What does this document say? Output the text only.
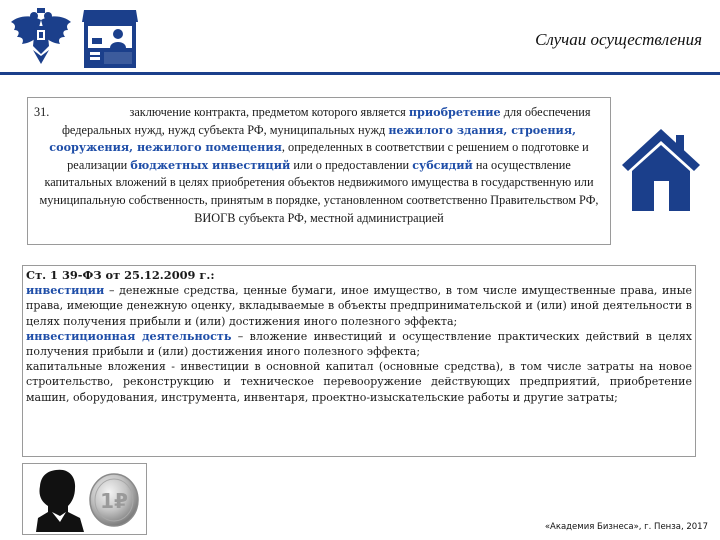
Случаи осуществления
31.	заключение контракта, предметом которого является приобретение для обеспечения федеральных нужд, нужд субъекта РФ, муниципальных нужд нежилого здания, строения, сооружения, нежилого помещения, определенных в соответствии с решением о подготовке и реализации бюджетных инвестиций или о предоставлении субсидий на осуществление капитальных вложений в целях приобретения объектов недвижимого имущества в государственную или муниципальную собственность, принятым в порядке, установленном соответственно Правительством РФ, ВИОГВ субъекта РФ, местной администрацией

Ст. 1 39-ФЗ от 25.12.2009 г.:

инвестиции – денежные средства, ценные бумаги, иное имущество, в том числе имущественные права, иные права, имеющие денежную оценку, вкладываемые в объекты предпринимательской и (или) иной деятельности в целях получения прибыли и (или) достижения иного полезного эффекта;

инвестиционная деятельность – вложение инвестиций и осуществление практических действий в целях получения прибыли и (или) достижения иного полезного эффекта;

капитальные вложения - инвестиции в основной капитал (основные средства), в том числе затраты на новое строительство, реконструкцию и техническое перевооружение действующих предприятий, приобретение машин, оборудования, инструмента, инвентаря, проектно-изыскательские работы и другие затраты;

1₽
«Академия Бизнеса», г. Пенза, 2017
